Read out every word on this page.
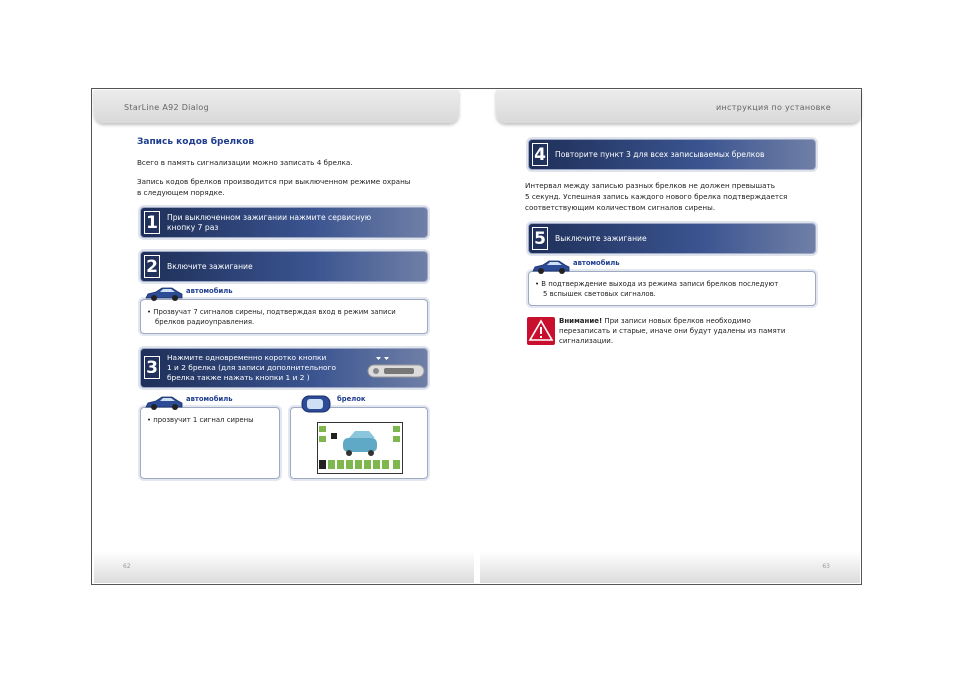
StarLine A92 Dialog	инструкция по установке
Запись кодов брелков
Всего в память сигнализации можно записать 4 брелка.
Запись кодов брелков производится при выключенном режиме охраны
в следующем порядке.
1 При выключенном зажигании нажмите сервисную
кнопку 7 раз
2 Включите зажигание
• Прозвучат 7 сигналов сирены, подтверждая вход в режим записи
брелков радиоуправления.
автомобиль
3
Нажмите одновременно коротко кнопки
1 и 2 брелка (для записи дополнительного
брелка также нажать кнопки 1 и 2 )
• прозвучит 1 сигнал сирены
автомобиль	брелок
4 Повторите пункт 3 для всех записываемых брелков
Интервал между записью разных брелков не должен превышать
5 секунд. Успешная запись каждого нового брелка подтверждается
соответствующим количеством сигналов сирены.
5 Выключите зажигание
• В подтверждение выхода из режима записи брелков последуют
5 вспышек световых сигналов.
автомобиль
Внимание! При записи новых брелков необходимо
перезаписать и старые, иначе они будут удалены из памяти
сигнализации.
62	63
